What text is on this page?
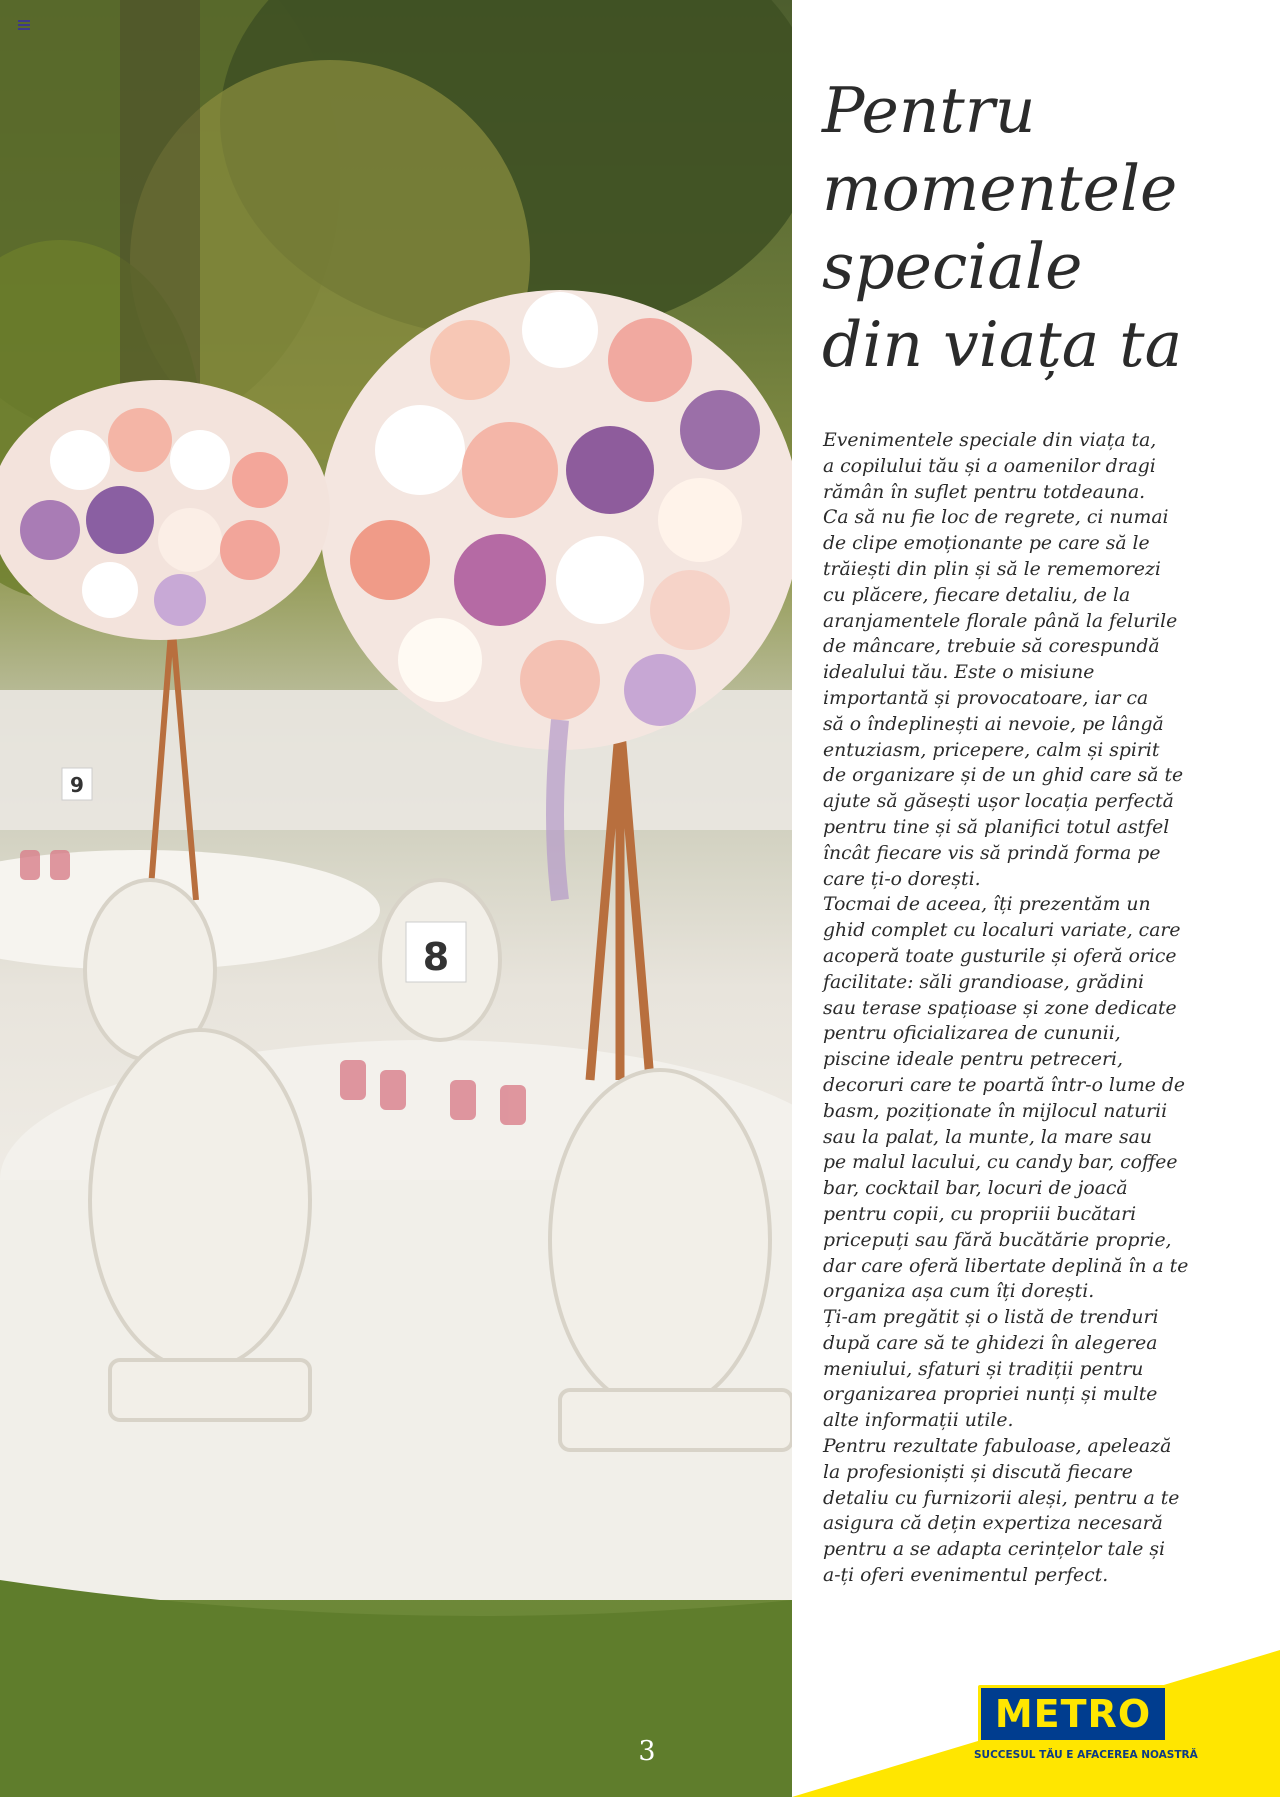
8
9
3
Pentru
momentele
speciale
din viața ta
Evenimentele speciale din viața ta,
a copilului tău și a oamenilor dragi
rămân în suflet pentru totdeauna.
Ca să nu fie loc de regrete, ci numai
de clipe emoționante pe care să le
trăiești din plin și să le rememorezi
cu plăcere, fiecare detaliu, de la
aranjamentele florale până la felurile
de mâncare, trebuie să corespundă
idealului tău. Este o misiune
importantă și provocatoare, iar ca
să o îndeplinești ai nevoie, pe lângă
entuziasm, pricepere, calm și spirit
de organizare și de un ghid care să te
ajute să găsești ușor locația perfectă
pentru tine și să planifici totul astfel
încât fiecare vis să prindă forma pe
care ți-o dorești.
Tocmai de aceea, îți prezentăm un
ghid complet cu localuri variate, care
acoperă toate gusturile și oferă orice
facilitate: săli grandioase, grădini
sau terase spațioase și zone dedicate
pentru oficializarea de cununii,
piscine ideale pentru petreceri,
decoruri care te poartă într-o lume de
basm, poziționate în mijlocul naturii
sau la palat, la munte, la mare sau
pe malul lacului, cu candy bar, coffee
bar, cocktail bar, locuri de joacă
pentru copii, cu propriii bucătari
pricepuți sau fără bucătărie proprie,
dar care oferă libertate deplină în a te
organiza așa cum îți dorești.
Ți-am pregătit și o listă de trenduri
după care să te ghidezi în alegerea
meniului, sfaturi și tradiții pentru
organizarea propriei nunți și multe
alte informații utile.
Pentru rezultate fabuloase, apelează
la profesioniști și discută fiecare
detaliu cu furnizorii aleși, pentru a te
asigura că dețin expertiza necesară
pentru a se adapta cerințelor tale și
a-ți oferi evenimentul perfect.
METRO
SUCCESUL TĂU E AFACEREA NOASTRĂ
